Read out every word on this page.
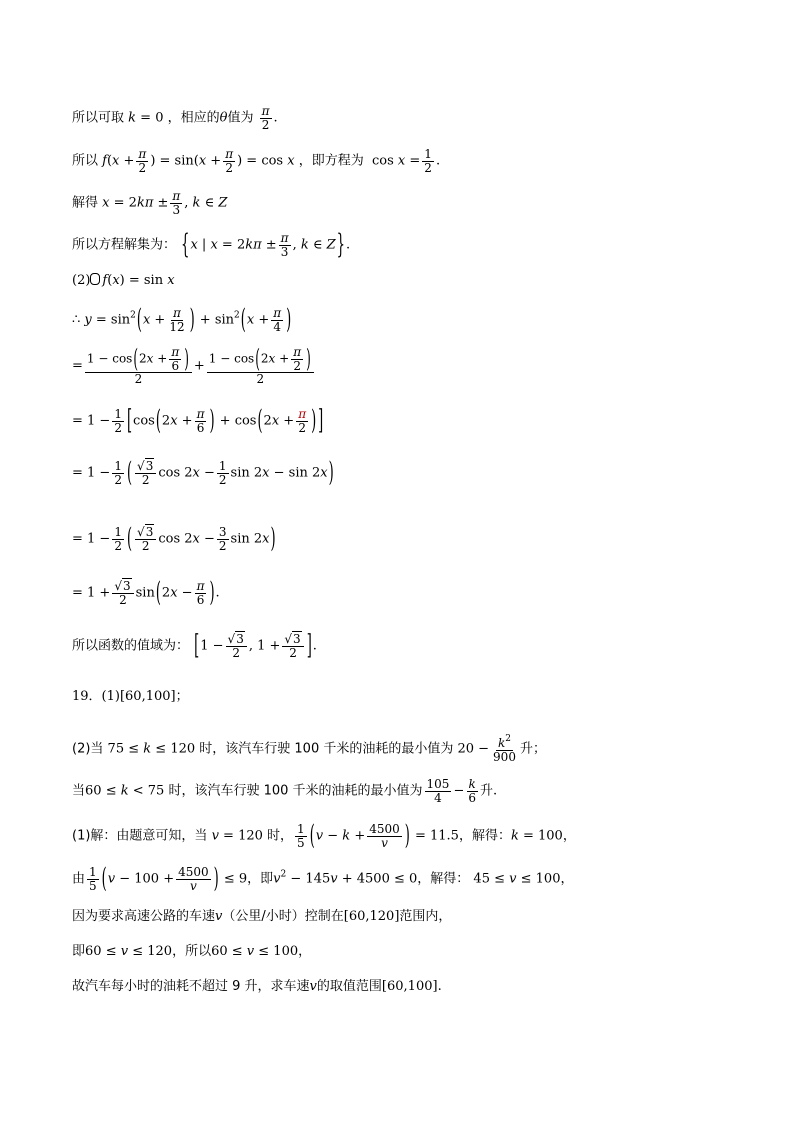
所以可取 k = 0 ，相应的θ值为 $\frac{\pi}{2}$ .
所以 $f(x + \frac{\pi}{2}$ ) = $\sin(x + \frac{\pi}{2}$ ) = cos x ，即方程为  $\cos x = \frac{1}{2}$ .
解得 $x = 2k\pi \pm \frac{\pi}{3}$ , k ∈ Z
所以方程解集为： {x | $x = 2k\pi \pm \frac{\pi}{3}$ , k ∈ Z}.
(2) f(x) = sin x
∴ $y = \sin^2(x + \frac{\pi}{12}$ ) + $\sin^2(x + \frac{\pi}{4}$ )
= $\frac{1 - \cos(2x + \frac{\pi}{6} )}{2} + \frac{1 - \cos(2x + \frac{\pi}{2} )}{2}$
= $1 - \frac{1}{2} [\cos(2x + \frac{\pi}{6}$ ) + $\cos(2x + \frac{\pi}{2}$ ) ]
= $1 - \frac{1}{2}$ ( $\frac{√3}{2}$ $\cos 2x - \frac{1}{2}$ sin 2x − sin 2x)
= $1 - \frac{1}{2}$ ( $\frac{√3}{2}$ $\cos 2x - \frac{3}{2}$ sin 2x)
= $1 + \frac{√3}{2} \sin(2x - \frac{\pi}{6}$ ).
所以函数的值域为： [$1 - \frac{√3}{2}$ , $1 + \frac{√3}{2}$ ].
19．(1)[60,100]；
(2)当 75 ≤ k ≤ 120 时，该汽车行驶 100 千米的油耗的最小值为 $20 - \frac{k^2}{900}$ 升；
当60 ≤ k < 75 时，该汽车行驶 100 千米的油耗的最小值为 $\frac{105}{4} - \frac{k}{6}$ 升.
(1)解：由题意可知，当 v = 120 时， $\frac{1}{5} (v - k + \frac{4500}{v}$ ) = 11.5，解得：k = 100，
由 $\frac{1}{5} (v - 100 + \frac{4500}{v}$ ) ≤ 9，即$v^2 - 145v + 4500 \le 0$，解得： 45 ≤ v ≤ 100，
因为要求高速公路的车速v（公里/小时）控制在[60,120]范围内，
即60 ≤ v ≤ 120，所以60 ≤ v ≤ 100，
故汽车每小时的油耗不超过 9 升，求车速v的取值范围[60,100].
